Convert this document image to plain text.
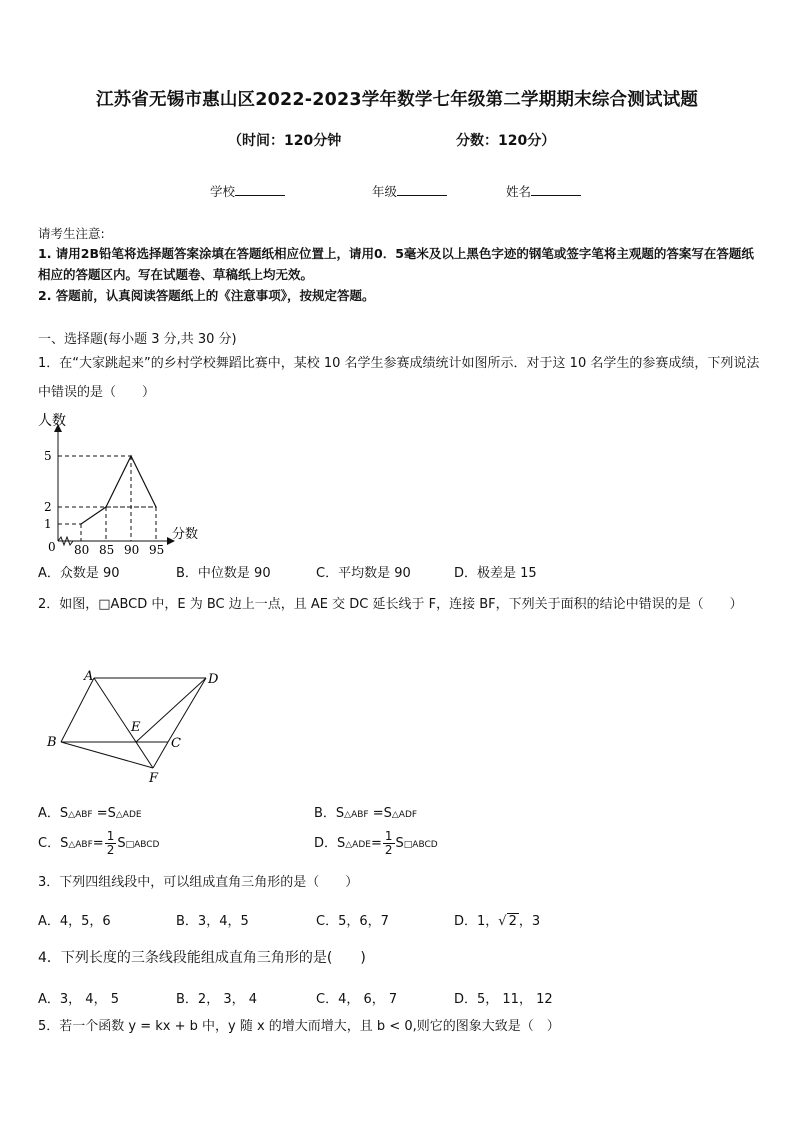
江苏省无锡市惠山区2022-2023学年数学七年级第二学期期末综合测试试题
（时间：120分钟	分数：120分）
学校	年级	姓名
请考生注意:
1. 请用2B铅笔将选择题答案涂填在答题纸相应位置上，请用0．5毫米及以上黑色字迹的钢笔或签字笔将主观题的答案写在答题纸相应的答题区内。写在试题卷、草稿纸上均无效。
2. 答题前，认真阅读答题纸上的《注意事项》，按规定答题。
一、选择题(每小题 3 分,共 30 分)
1．在“大家跳起来”的乡村学校舞蹈比赛中，某校 10 名学生参赛成绩统计如图所示．对于这 10 名学生的参赛成绩，下列说法中错误的是（　　）
人数
分数
0 80 85 90 95
1
2
5
A．众数是 90	B．中位数是 90	C．平均数是 90	D．极差是 15
2．如图，□ABCD 中，E 为 BC 边上一点，且 AE 交 DC 延长线于 F，连接 BF，下列关于面积的结论中错误的是（　　）
A	D
E
B	C
F
A．S△ABF =S△ADE	B．S△ABF =S△ADF
C．S△ABF= $\frac{1}{2}$ S□ABCD	D．S△ADE= $\frac{1}{2}$ S□ABCD
3．下列四组线段中，可以组成直角三角形的是（　　）
A．4，5，6	B．3，4，5	C．5，6，7	D．1，√ 2 ，3
4．下列长度的三条线段能组成直角三角形的是(　　)
A．3， 4， 5	B．2， 3， 4	C．4， 6， 7	D．5， 11， 12
5．若一个函数 y = kx + b 中，y 随 x 的增大而增大，且 b < 0,则它的图象大致是（　）
